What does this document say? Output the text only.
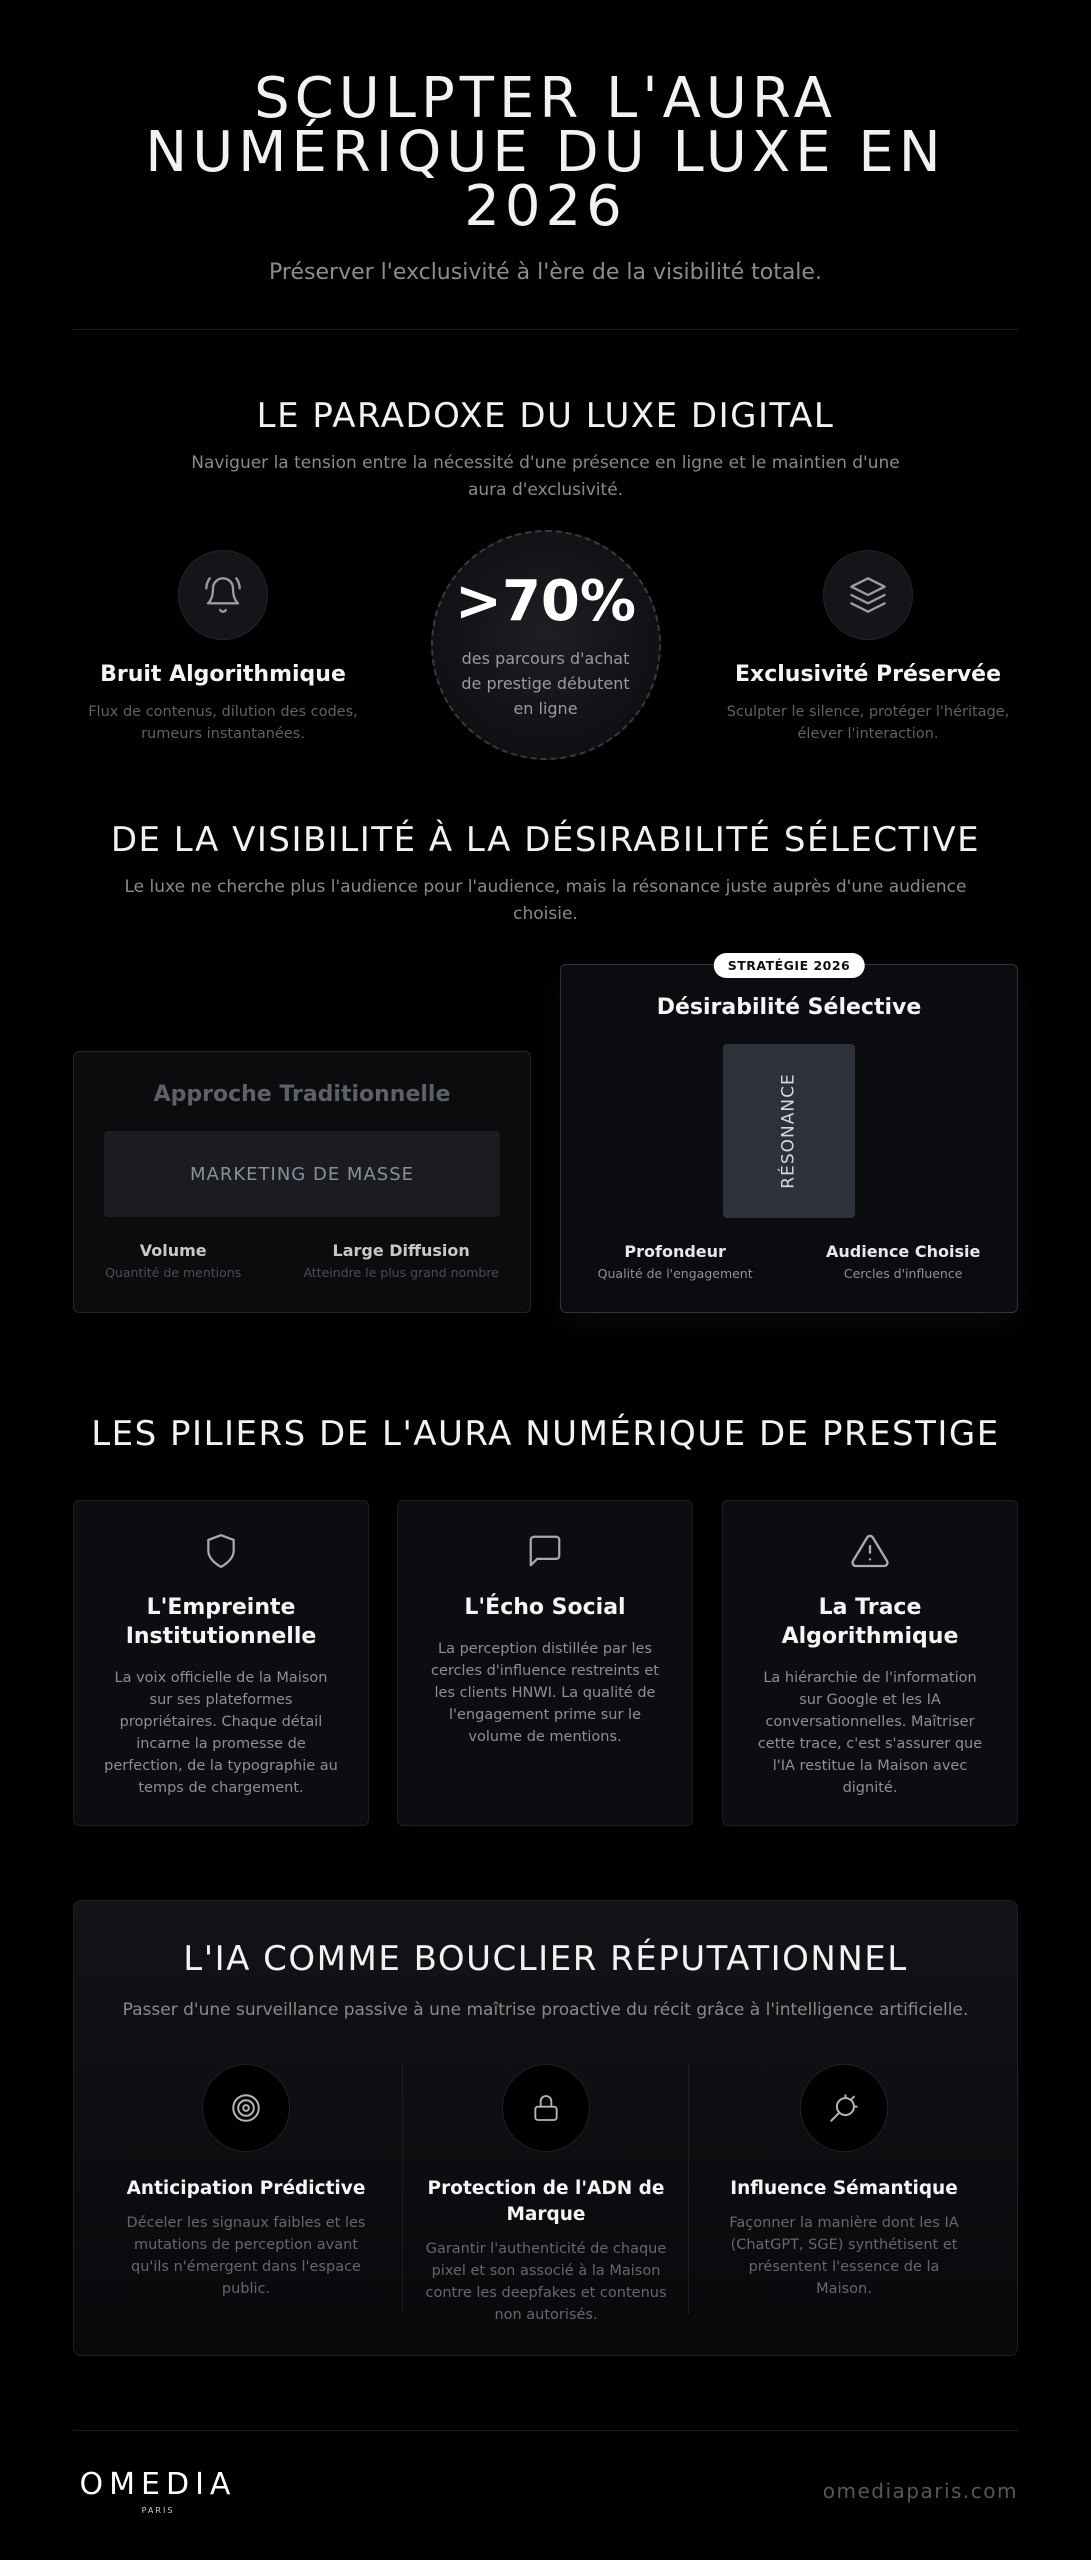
SCULPTER L'AURA
NUMÉRIQUE DU LUXE EN
2026

Préserver l'exclusivité à l'ère de la visibilité totale.

LE PARADOXE DU LUXE DIGITAL

Naviguer la tension entre la nécessité d'une présence en ligne et le maintien d'une aura d'exclusivité.

Bruit Algorithmique

Flux de contenus, dilution des codes, rumeurs instantanées.

>70%
des parcours d'achat de prestige débutent en ligne
Exclusivité Préservée

Sculpter le silence, protéger l'héritage, élever l'interaction.

DE LA VISIBILITÉ À LA DÉSIRABILITÉ SÉLECTIVE

Le luxe ne cherche plus l'audience pour l'audience, mais la résonance juste auprès d'une audience choisie.

Approche Traditionnelle
MARKETING DE MASSE
Volume
Quantité de mentions
Large Diffusion
Atteindre le plus grand nombre
STRATÉGIE 2026
Désirabilité Sélective
RÉSONANCE
Profondeur
Qualité de l'engagement
Audience Choisie
Cercles d'influence
LES PILIERS DE L'AURA NUMÉRIQUE DE PRESTIGE
L'Empreinte Institutionnelle

La voix officielle de la Maison sur ses plateformes propriétaires. Chaque détail incarne la promesse de perfection, de la typographie au temps de chargement.

L'Écho Social

La perception distillée par les cercles d'influence restreints et les clients HNWI. La qualité de l'engagement prime sur le volume de mentions.

La Trace Algorithmique

La hiérarchie de l'information sur Google et les IA conversationnelles. Maîtriser cette trace, c'est s'assurer que l'IA restitue la Maison avec dignité.

L'IA COMME BOUCLIER RÉPUTATIONNEL

Passer d'une surveillance passive à une maîtrise proactive du récit grâce à l'intelligence artificielle.

Anticipation Prédictive

Déceler les signaux faibles et les mutations de perception avant qu'ils n'émergent dans l'espace public.

Protection de l'ADN de Marque

Garantir l'authenticité de chaque pixel et son associé à la Maison contre les deepfakes et contenus non autorisés.

Influence Sémantique

Façonner la manière dont les IA (ChatGPT, SGE) synthétisent et présentent l'essence de la Maison.

OMEDIA
PARIS
omediaparis.com
